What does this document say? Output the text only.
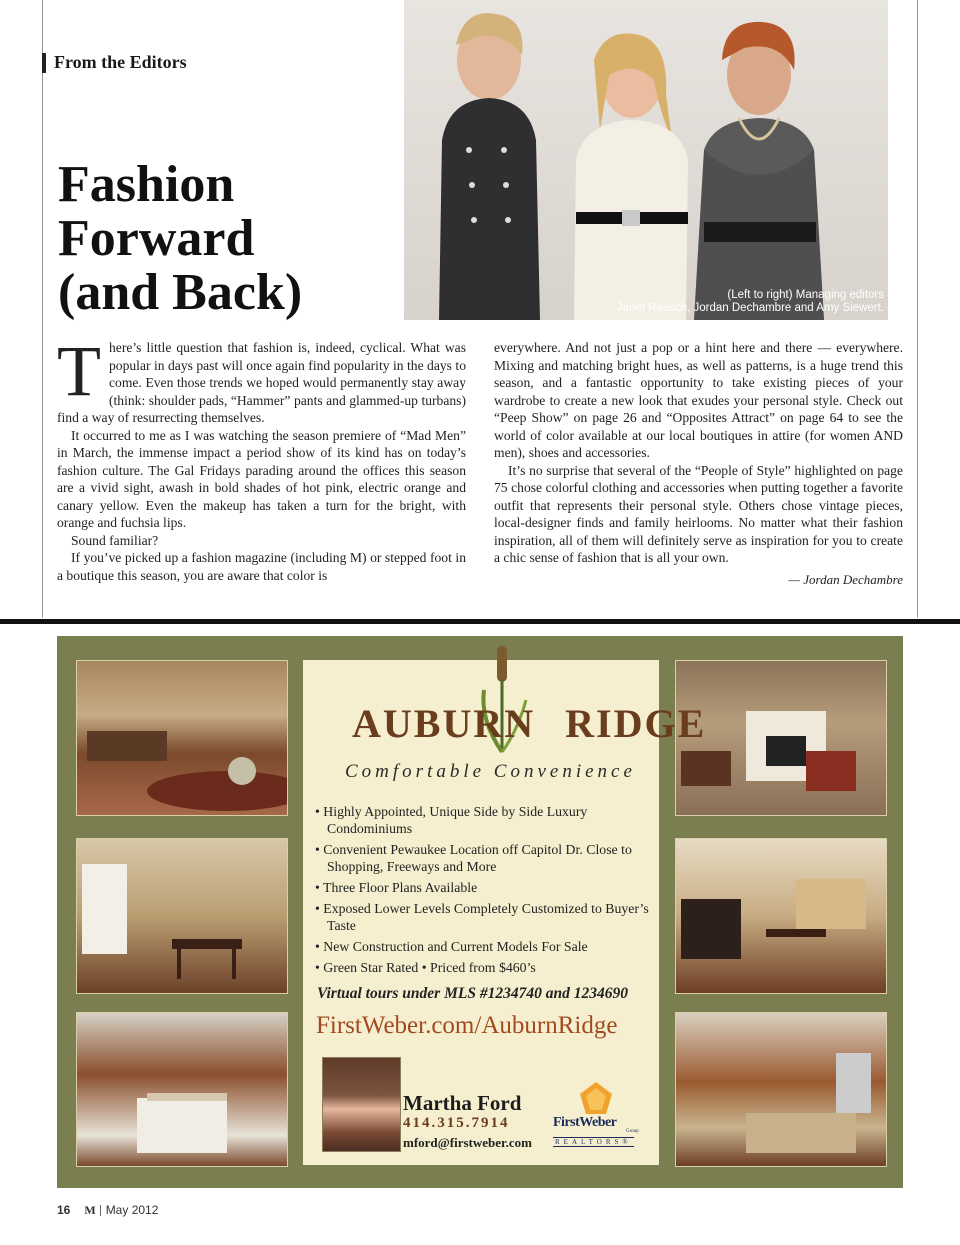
From the Editors
Fashion
Forward
(and Back)	(Left to right) Managing editors
Janet Raasch, Jordan Dechambre and Amy Siewert.

There’s little question that fashion is, indeed, cyclical. What was popular in days past will once again find popularity in the days to come. Even those trends we hoped would permanently stay away (think: shoulder pads, “Hammer” pants and glammed-up turbans) find a way of resurrecting themselves.

It occurred to me as I was watching the season premiere of “Mad Men” in March, the immense impact a period show of its kind has on today’s fashion culture. The Gal Fridays parading around the offices this season are a vivid sight, awash in bold shades of hot pink, electric orange and canary yellow. Even the makeup has taken a turn for the bright, with orange and fuchsia lips.

Sound familiar?

If you’ve picked up a fashion magazine (including M) or stepped foot in a boutique this season, you are aware that color is

everywhere. And not just a pop or a hint here and there — everywhere. Mixing and matching bright hues, as well as patterns, is a huge trend this season, and a fantastic opportunity to take existing pieces of your wardrobe to create a new look that exudes your personal style. Check out “Peep Show” on page 26 and “Opposites Attract” on page 64 to see the world of color available at our local boutiques in attire (for women AND men), shoes and accessories.

It’s no surprise that several of the “People of Style” highlighted on page 75 chose colorful clothing and accessories when putting together a favorite outfit that represents their personal style. Others chose vintage pieces, local-designer finds and family heirlooms. No matter what their fashion inspiration, all of them will definitely serve as inspiration for you to create a chic sense of fashion that is all your own.

— Jordan Dechambre
AUBURN RIDGE
Comfortable Convenience
• Highly Appointed, Unique Side by Side Luxury Condominiums
• Convenient Pewaukee Location off Capitol Dr. Close to Shopping, Freeways and More
• Three Floor Plans Available
• Exposed Lower Levels Completely Customized to Buyer’s Taste
• New Construction and Current Models For Sale
• Green Star Rated • Priced from $460’s
Virtual tours under MLS #1234740 and 1234690
FirstWeber.com/AuburnRidge
Martha Ford
414.315.7914
mford@firstweber.com
FirstWeber
Group
REALTORS®
16 M May 2012
